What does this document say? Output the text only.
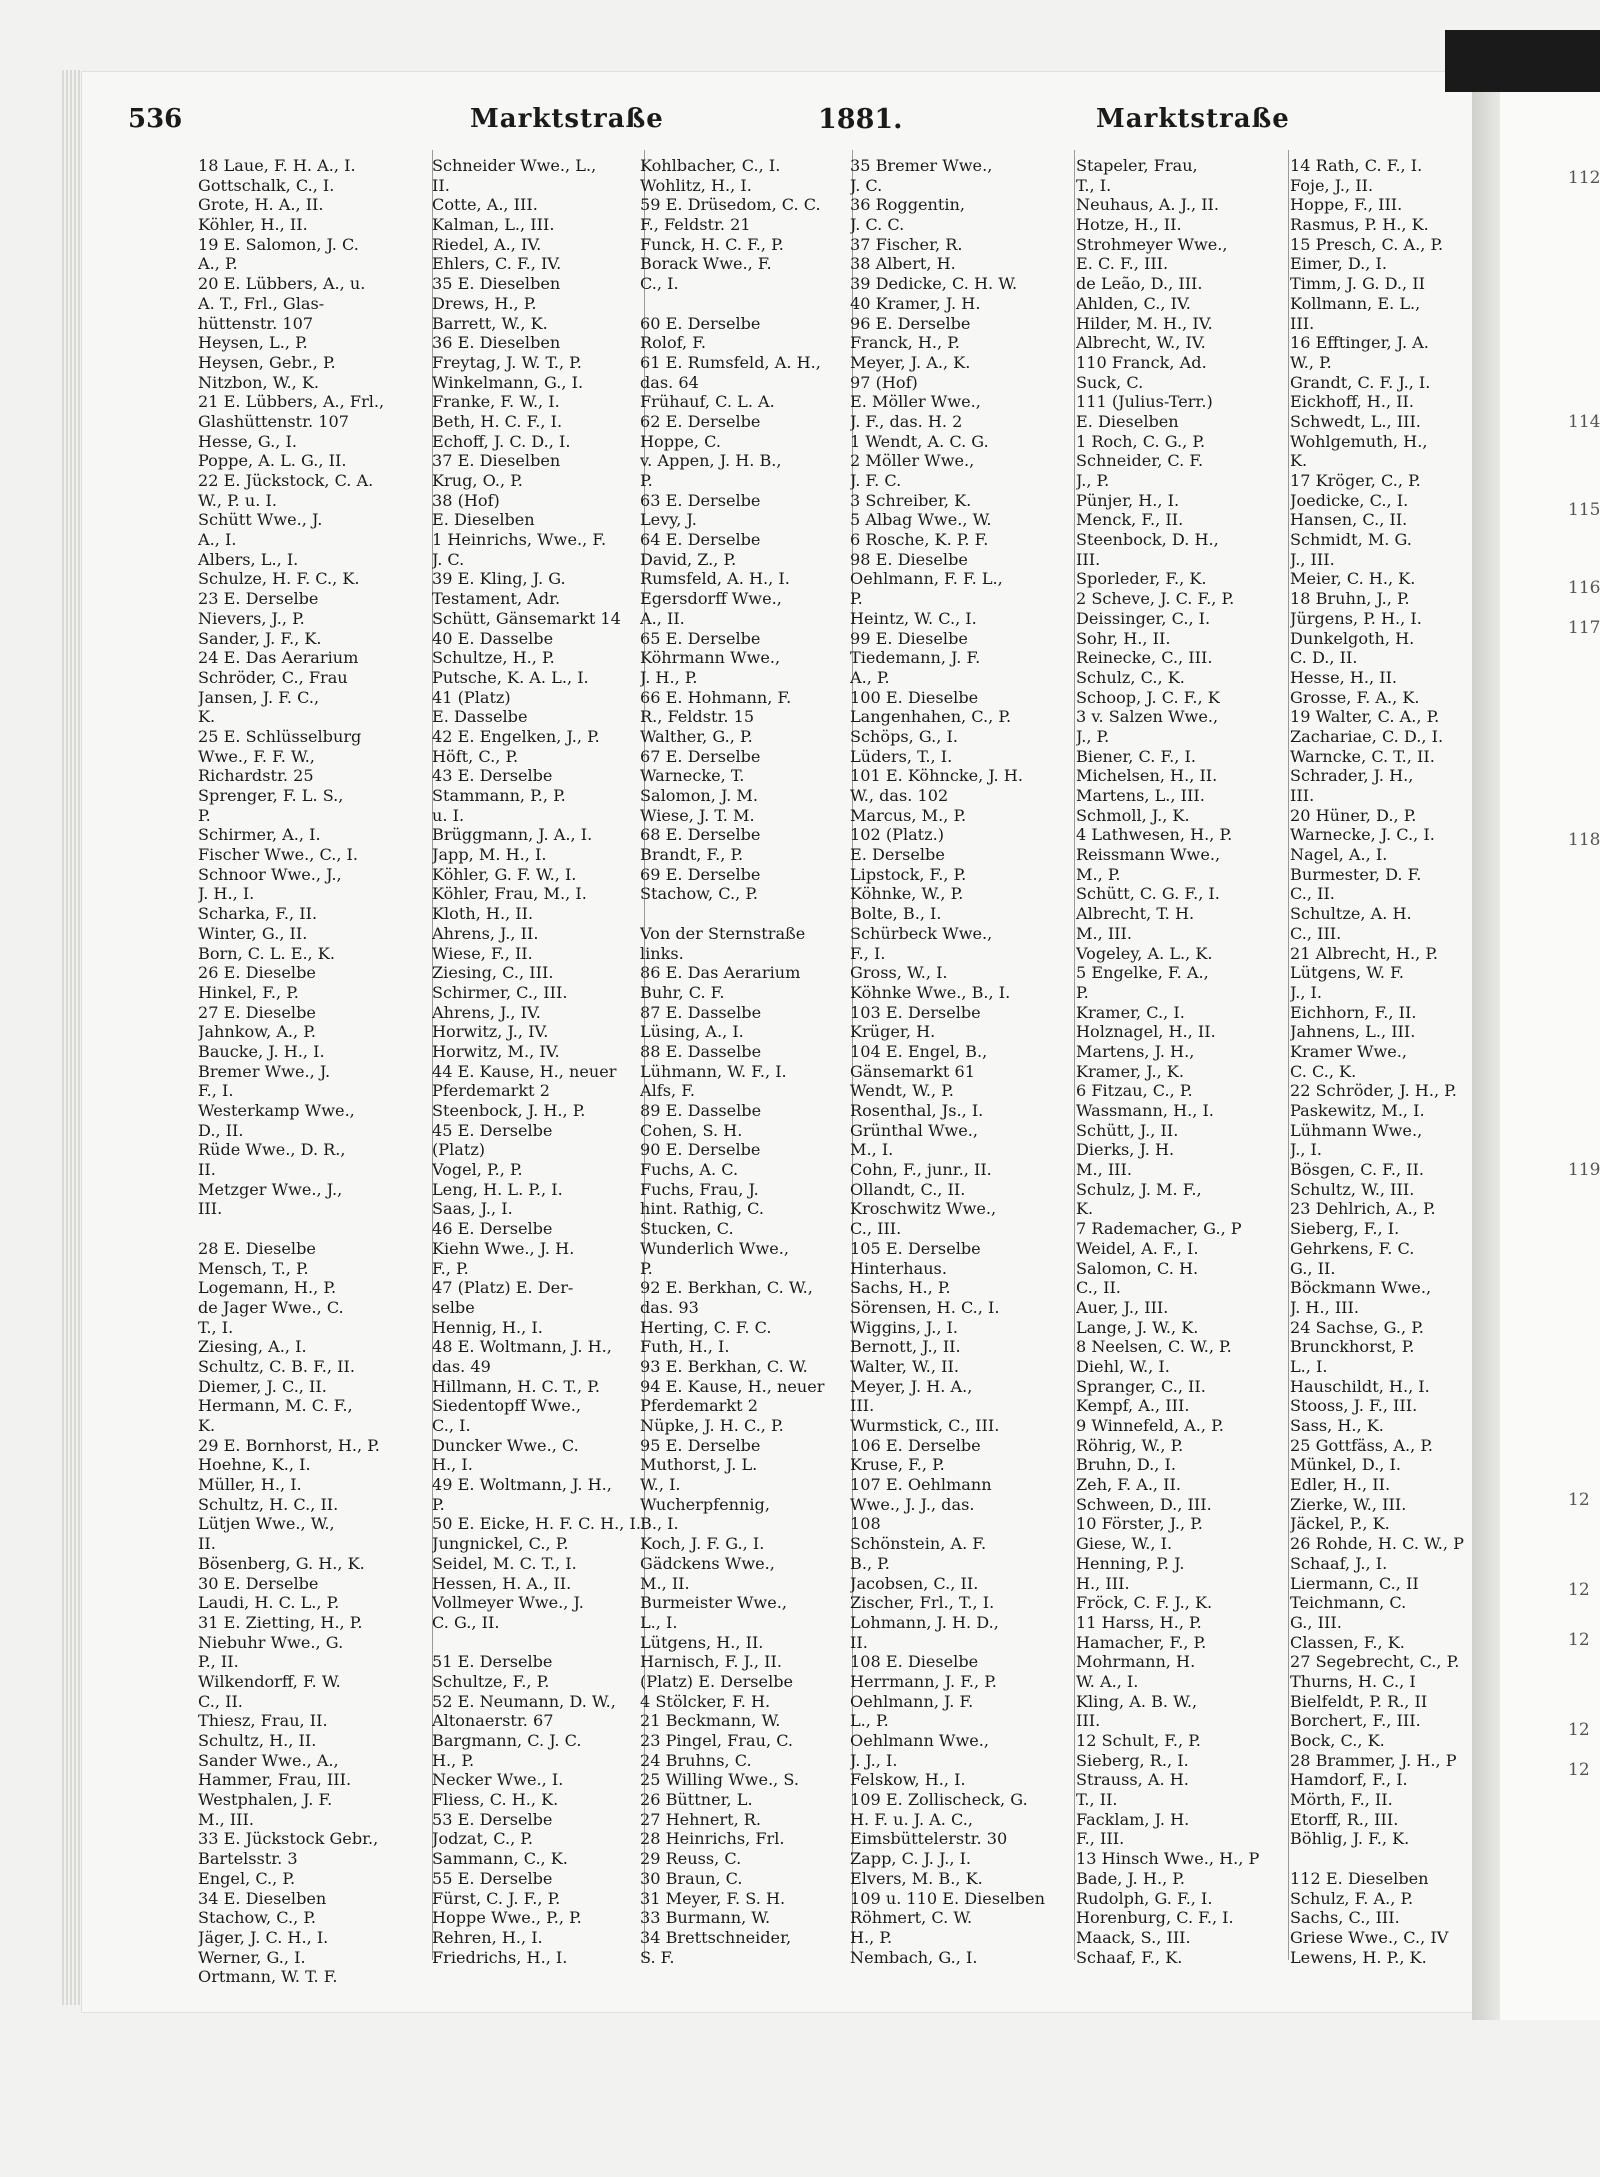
536	Marktstraße	1881.	Marktstraße
18 Laue, F. H. A., I.
Gottschalk, C., I.
Grote, H. A., II.
Köhler, H., II.
19 E. Salomon, J. C.
A., P.
20 E. Lübbers, A., u.
A. T., Frl., Glas-
hüttenstr. 107
Heysen, L., P.
Heysen, Gebr., P.
Nitzbon, W., K.
21 E. Lübbers, A., Frl.,
Glashüttenstr. 107
Hesse, G., I.
Poppe, A. L. G., II.
22 E. Jückstock, C. A.
W., P. u. I.
Schütt Wwe., J.
A., I.
Albers, L., I.
Schulze, H. F. C., K.
23 E. Derselbe
Nievers, J., P.
Sander, J. F., K.
24 E. Das Aerarium
Schröder, C., Frau
Jansen, J. F. C.,
K.
25 E. Schlüsselburg
Wwe., F. F. W.,
Richardstr. 25
Sprenger, F. L. S.,
P.
Schirmer, A., I.
Fischer Wwe., C., I.
Schnoor Wwe., J.,
J. H., I.
Scharka, F., II.
Winter, G., II.
Born, C. L. E., K.
26 E. Dieselbe
Hinkel, F., P.
27 E. Dieselbe
Jahnkow, A., P.
Baucke, J. H., I.
Bremer Wwe., J.
F., I.
Westerkamp Wwe.,
D., II.
Rüde Wwe., D. R.,
II.
Metzger Wwe., J.,
III.
28 E. Dieselbe
Mensch, T., P.
Logemann, H., P.
de Jager Wwe., C.
T., I.
Ziesing, A., I.
Schultz, C. B. F., II.
Diemer, J. C., II.
Hermann, M. C. F.,
K.
29 E. Bornhorst, H., P.
Hoehne, K., I.
Müller, H., I.
Schultz, H. C., II.
Lütjen Wwe., W.,
II.
Bösenberg, G. H., K.
30 E. Derselbe
Laudi, H. C. L., P.
31 E. Zietting, H., P.
Niebuhr Wwe., G.
P., II.
Wilkendorff, F. W.
C., II.
Thiesz, Frau, II.
Schultz, H., II.
Sander Wwe., A.,
Hammer, Frau, III.
Westphalen, J. F.
M., III.
33 E. Jückstock Gebr.,
Bartelsstr. 3
Engel, C., P.
34 E. Dieselben
Stachow, C., P.
Jäger, J. C. H., I.
Werner, G., I.
Ortmann, W. T. F.
Schneider Wwe., L.,
II.
Cotte, A., III.
Kalman, L., III.
Riedel, A., IV.
Ehlers, C. F., IV.
35 E. Dieselben
Drews, H., P.
Barrett, W., K.
36 E. Dieselben
Freytag, J. W. T., P.
Winkelmann, G., I.
Franke, F. W., I.
Beth, H. C. F., I.
Echoff, J. C. D., I.
37 E. Dieselben
Krug, O., P.
38 (Hof)
E. Dieselben
1 Heinrichs, Wwe., F.
J. C.
39 E. Kling, J. G.
Testament, Adr.
Schütt, Gänsemarkt 14
40 E. Dasselbe
Schultze, H., P.
Putsche, K. A. L., I.
41 (Platz)
E. Dasselbe
42 E. Engelken, J., P.
Höft, C., P.
43 E. Derselbe
Stammann, P., P.
u. I.
Brüggmann, J. A., I.
Japp, M. H., I.
Köhler, G. F. W., I.
Köhler, Frau, M., I.
Kloth, H., II.
Ahrens, J., II.
Wiese, F., II.
Ziesing, C., III.
Schirmer, C., III.
Ahrens, J., IV.
Horwitz, J., IV.
Horwitz, M., IV.
44 E. Kause, H., neuer
Pferdemarkt 2
Steenbock, J. H., P.
45 E. Derselbe
(Platz)
Vogel, P., P.
Leng, H. L. P., I.
Saas, J., I.
46 E. Derselbe
Kiehn Wwe., J. H.
F., P.
47 (Platz) E. Der-
selbe
Hennig, H., I.
48 E. Woltmann, J. H.,
das. 49
Hillmann, H. C. T., P.
Siedentopff Wwe.,
C., I.
Duncker Wwe., C.
H., I.
49 E. Woltmann, J. H.,
P.
50 E. Eicke, H. F. C. H., I.
Jungnickel, C., P.
Seidel, M. C. T., I.
Hessen, H. A., II.
Vollmeyer Wwe., J.
C. G., II.
51 E. Derselbe
Schultze, F., P.
52 E. Neumann, D. W.,
Altonaerstr. 67
Bargmann, C. J. C.
H., P.
Necker Wwe., I.
Fliess, C. H., K.
53 E. Derselbe
Jodzat, C., P.
Sammann, C., K.
55 E. Derselbe
Fürst, C. J. F., P.
Hoppe Wwe., P., P.
Rehren, H., I.
Friedrichs, H., I.
Kohlbacher, C., I.
Wohlitz, H., I.
59 E. Drüsedom, C. C.
F., Feldstr. 21
Funck, H. C. F., P.
Borack Wwe., F.
C., I.
60 E. Derselbe
Rolof, F.
61 E. Rumsfeld, A. H.,
das. 64
Frühauf, C. L. A.
62 E. Derselbe
Hoppe, C.
v. Appen, J. H. B.,
P.
63 E. Derselbe
Levy, J.
64 E. Derselbe
David, Z., P.
Rumsfeld, A. H., I.
Egersdorff Wwe.,
A., II.
65 E. Derselbe
Köhrmann Wwe.,
J. H., P.
66 E. Hohmann, F.
R., Feldstr. 15
Walther, G., P.
67 E. Derselbe
Warnecke, T.
Salomon, J. M.
Wiese, J. T. M.
68 E. Derselbe
Brandt, F., P.
69 E. Derselbe
Stachow, C., P.
Von der Sternstraße
links.
86 E. Das Aerarium
Buhr, C. F.
87 E. Dasselbe
Lüsing, A., I.
88 E. Dasselbe
Lühmann, W. F., I.
Alfs, F.
89 E. Dasselbe
Cohen, S. H.
90 E. Derselbe
Fuchs, A. C.
Fuchs, Frau, J.
hint. Rathig, C.
Stucken, C.
Wunderlich Wwe.,
P.
92 E. Berkhan, C. W.,
das. 93
Herting, C. F. C.
Futh, H., I.
93 E. Berkhan, C. W.
94 E. Kause, H., neuer
Pferdemarkt 2
Nüpke, J. H. C., P.
95 E. Derselbe
Muthorst, J. L.
W., I.
Wucherpfennig,
B., I.
Koch, J. F. G., I.
Gädckens Wwe.,
M., II.
Burmeister Wwe.,
L., I.
Lütgens, H., II.
Harnisch, F. J., II.
(Platz) E. Derselbe
4 Stölcker, F. H.
21 Beckmann, W.
23 Pingel, Frau, C.
24 Bruhns, C.
25 Willing Wwe., S.
26 Büttner, L.
27 Hehnert, R.
28 Heinrichs, Frl.
29 Reuss, C.
30 Braun, C.
31 Meyer, F. S. H.
33 Burmann, W.
34 Brettschneider,
S. F.
35 Bremer Wwe.,
J. C.
36 Roggentin,
J. C. C.
37 Fischer, R.
38 Albert, H.
39 Dedicke, C. H. W.
40 Kramer, J. H.
96 E. Derselbe
Franck, H., P.
Meyer, J. A., K.
97 (Hof)
E. Möller Wwe.,
J. F., das. H. 2
1 Wendt, A. C. G.
2 Möller Wwe.,
J. F. C.
3 Schreiber, K.
5 Albag Wwe., W.
6 Rosche, K. P. F.
98 E. Dieselbe
Oehlmann, F. F. L.,
P.
Heintz, W. C., I.
99 E. Dieselbe
Tiedemann, J. F.
A., P.
100 E. Dieselbe
Langenhahen, C., P.
Schöps, G., I.
Lüders, T., I.
101 E. Köhncke, J. H.
W., das. 102
Marcus, M., P.
102 (Platz.)
E. Derselbe
Lipstock, F., P.
Köhnke, W., P.
Bolte, B., I.
Schürbeck Wwe.,
F., I.
Gross, W., I.
Köhnke Wwe., B., I.
103 E. Derselbe
Krüger, H.
104 E. Engel, B.,
Gänsemarkt 61
Wendt, W., P.
Rosenthal, Js., I.
Grünthal Wwe.,
M., I.
Cohn, F., junr., II.
Ollandt, C., II.
Kroschwitz Wwe.,
C., III.
105 E. Derselbe
Hinterhaus.
Sachs, H., P.
Sörensen, H. C., I.
Wiggins, J., I.
Bernott, J., II.
Walter, W., II.
Meyer, J. H. A.,
III.
Wurmstick, C., III.
106 E. Derselbe
Kruse, F., P.
107 E. Oehlmann
Wwe., J. J., das.
108
Schönstein, A. F.
B., P.
Jacobsen, C., II.
Zischer, Frl., T., I.
Lohmann, J. H. D.,
II.
108 E. Dieselbe
Herrmann, J. F., P.
Oehlmann, J. F.
L., P.
Oehlmann Wwe.,
J. J., I.
Felskow, H., I.
109 E. Zollischeck, G.
H. F. u. J. A. C.,
Eimsbüttelerstr. 30
Zapp, C. J. J., I.
Elvers, M. B., K.
109 u. 110 E. Dieselben
Röhmert, C. W.
H., P.
Nembach, G., I.
Stapeler, Frau,
T., I.
Neuhaus, A. J., II.
Hotze, H., II.
Strohmeyer Wwe.,
E. C. F., III.
de Leão, D., III.
Ahlden, C., IV.
Hilder, M. H., IV.
Albrecht, W., IV.
110 Franck, Ad.
Suck, C.
111 (Julius-Terr.)
E. Dieselben
1 Roch, C. G., P.
Schneider, C. F.
J., P.
Pünjer, H., I.
Menck, F., II.
Steenbock, D. H.,
III.
Sporleder, F., K.
2 Scheve, J. C. F., P.
Deissinger, C., I.
Sohr, H., II.
Reinecke, C., III.
Schulz, C., K.
Schoop, J. C. F., K
3 v. Salzen Wwe.,
J., P.
Biener, C. F., I.
Michelsen, H., II.
Martens, L., III.
Schmoll, J., K.
4 Lathwesen, H., P.
Reissmann Wwe.,
M., P.
Schütt, C. G. F., I.
Albrecht, T. H.
M., III.
Vogeley, A. L., K.
5 Engelke, F. A.,
P.
Kramer, C., I.
Holznagel, H., II.
Martens, J. H.,
Kramer, J., K.
6 Fitzau, C., P.
Wassmann, H., I.
Schütt, J., II.
Dierks, J. H.
M., III.
Schulz, J. M. F.,
K.
7 Rademacher, G., P
Weidel, A. F., I.
Salomon, C. H.
C., II.
Auer, J., III.
Lange, J. W., K.
8 Neelsen, C. W., P.
Diehl, W., I.
Spranger, C., II.
Kempf, A., III.
9 Winnefeld, A., P.
Röhrig, W., P.
Bruhn, D., I.
Zeh, F. A., II.
Schween, D., III.
10 Förster, J., P.
Giese, W., I.
Henning, P. J.
H., III.
Fröck, C. F. J., K.
11 Harss, H., P.
Hamacher, F., P.
Mohrmann, H.
W. A., I.
Kling, A. B. W.,
III.
12 Schult, F., P.
Sieberg, R., I.
Strauss, A. H.
T., II.
Facklam, J. H.
F., III.
13 Hinsch Wwe., H., P
Bade, J. H., P.
Rudolph, G. F., I.
Horenburg, C. F., I.
Maack, S., III.
Schaaf, F., K.
14 Rath, C. F., I.
Foje, J., II.
Hoppe, F., III.
Rasmus, P. H., K.
15 Presch, C. A., P.
Eimer, D., I.
Timm, J. G. D., II
Kollmann, E. L.,
III.
16 Efftinger, J. A.
W., P.
Grandt, C. F. J., I.
Eickhoff, H., II.
Schwedt, L., III.
Wohlgemuth, H.,
K.
17 Kröger, C., P.
Joedicke, C., I.
Hansen, C., II.
Schmidt, M. G.
J., III.
Meier, C. H., K.
18 Bruhn, J., P.
Jürgens, P. H., I.
Dunkelgoth, H.
C. D., II.
Hesse, H., II.
Grosse, F. A., K.
19 Walter, C. A., P.
Zachariae, C. D., I.
Warncke, C. T., II.
Schrader, J. H.,
III.
20 Hüner, D., P.
Warnecke, J. C., I.
Nagel, A., I.
Burmester, D. F.
C., II.
Schultze, A. H.
C., III.
21 Albrecht, H., P.
Lütgens, W. F.
J., I.
Eichhorn, F., II.
Jahnens, L., III.
Kramer Wwe.,
C. C., K.
22 Schröder, J. H., P.
Paskewitz, M., I.
Lühmann Wwe.,
J., I.
Bösgen, C. F., II.
Schultz, W., III.
23 Dehlrich, A., P.
Sieberg, F., I.
Gehrkens, F. C.
G., II.
Böckmann Wwe.,
J. H., III.
24 Sachse, G., P.
Brunckhorst, P.
L., I.
Hauschildt, H., I.
Stooss, J. F., III.
Sass, H., K.
25 Gottfäss, A., P.
Münkel, D., I.
Edler, H., II.
Zierke, W., III.
Jäckel, P., K.
26 Rohde, H. C. W., P
Schaaf, J., I.
Liermann, C., II
Teichmann, C.
G., III.
Classen, F., K.
27 Segebrecht, C., P.
Thurns, H. C., I
Bielfeldt, P. R., II
Borchert, F., III.
Bock, C., K.
28 Brammer, J. H., P
Hamdorf, F., I.
Mörth, F., II.
Etorff, R., III.
Böhlig, J. F., K.
112 E. Dieselben
Schulz, F. A., P.
Sachs, C., III.
Griese Wwe., C., IV
Lewens, H. P., K.
112
114
115
116
117
118
119
12
12
12
12
12
